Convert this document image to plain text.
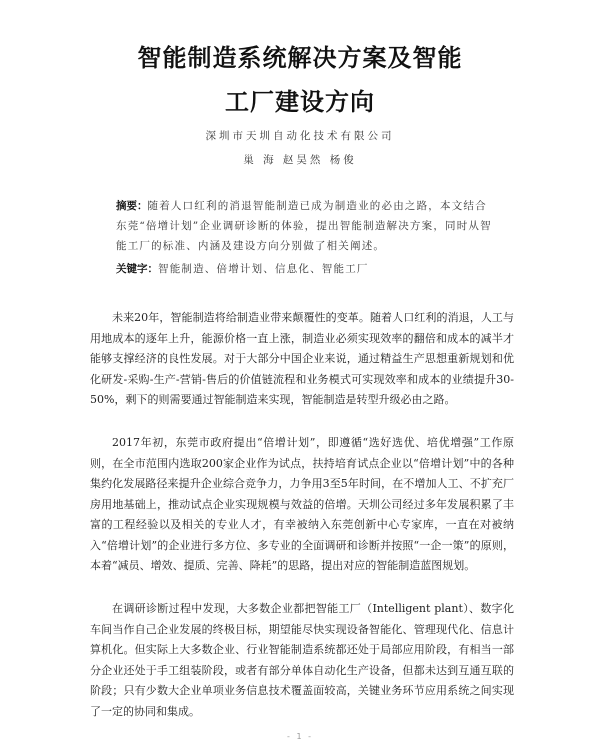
智能制造系统解决方案及智能
工厂建设方向
深圳市天圳自动化技术有限公司
巢 海 赵昊然 杨俊
摘要：随着人口红利的消退智能制造已成为制造业的必由之路，本文结合东莞“倍增计划”企业调研诊断的体验，提出智能制造解决方案，同时从智能工厂的标准、内涵及建设方向分别做了相关阐述。
关键字：智能制造、倍增计划、信息化、智能工厂

未来20年，智能制造将给制造业带来颠覆性的变革。随着人口红利的消退，人工与用地成本的逐年上升，能源价格一直上涨，制造业必须实现效率的翻倍和成本的减半才能够支撑经济的良性发展。对于大部分中国企业来说，通过精益生产思想重新规划和优化研发-采购-生产-营销-售后的价值链流程和业务模式可实现效率和成本的业绩提升30-50%，剩下的则需要通过智能制造来实现，智能制造是转型升级必由之路。

2017年初，东莞市政府提出“倍增计划”，即遵循“选好选优、培优增强”工作原则，在全市范围内选取200家企业作为试点，扶持培育试点企业以“倍增计划”中的各种集约化发展路径来提升企业综合竞争力，力争用3至5年时间，在不增加人工、不扩充厂房用地基础上，推动试点企业实现规模与效益的倍增。天圳公司经过多年发展积累了丰富的工程经验以及相关的专业人才，有幸被纳入东莞创新中心专家库，一直在对被纳入“倍增计划”的企业进行多方位、多专业的全面调研和诊断并按照“一企一策”的原则，本着“减员、增效、提质、完善、降耗”的思路，提出对应的智能制造蓝图规划。

在调研诊断过程中发现，大多数企业都把智能工厂（Intelligent plant）、数字化车间当作自己企业发展的终极目标，期望能尽快实现设备智能化、管理现代化、信息计算机化。但实际上大多数企业、行业智能制造系统都还处于局部应用阶段，有相当一部分企业还处于手工组装阶段，或者有部分单体自动化生产设备，但都未达到互通互联的阶段；只有少数大企业单项业务信息技术覆盖面较高，关键业务环节应用系统之间实现了一定的协同和集成。

- 1 -
